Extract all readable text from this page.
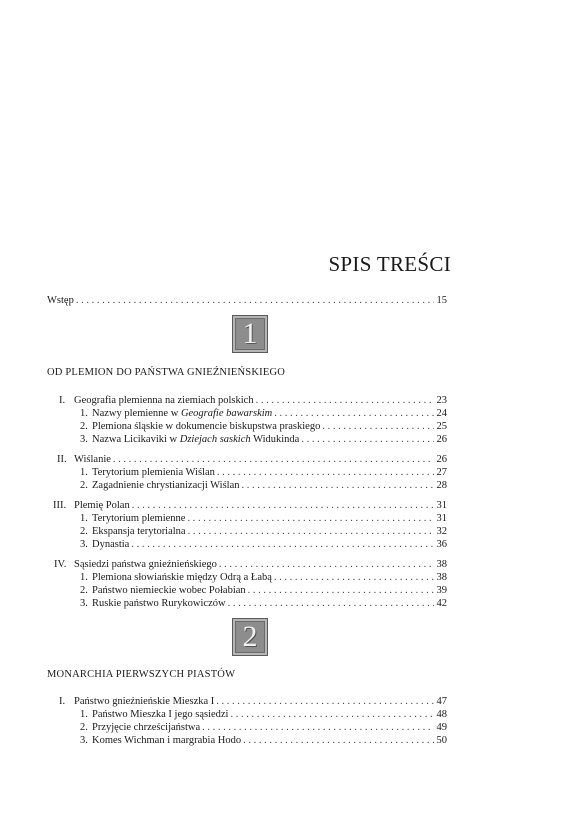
SPIS TREŚCI
Wstęp . . .	15
1
OD PLEMION DO PAŃSTWA GNIEŹNIEŃSKIEGO
I. Geografia plemienna na ziemiach polskich . . .	23
1. Nazwy plemienne w Geografie bawarskim . . .	24
2. Plemiona śląskie w dokumencie biskupstwa praskiego . . .	25
3. Nazwa Licikaviki w Dziejach saskich Widukinda . . .	26
II. Wiślanie . . .	26
1. Terytorium plemienia Wiślan . . .	27
2. Zagadnienie chrystianizacji Wiślan . . .	28
III. Plemię Polan . . .	31
1. Terytorium plemienne . . .	31
2. Ekspansja terytorialna . . .	32
3. Dynastia . . .	36
IV. Sąsiedzi państwa gnieźnieńskiego . . .	38
1. Plemiona słowiańskie między Odrą a Łabą . . .	38
2. Państwo niemieckie wobec Połabian . . .	39
3. Ruskie państwo Rurykowiczów . . .	42
2
MONARCHIA PIERWSZYCH PIASTÓW
I. Państwo gnieźnieńskie Mieszka I . . .	47
1. Państwo Mieszka I jego sąsiedzi . . .	48
2. Przyjęcie chrześcijaństwa . . .	49
3. Komes Wichman i margrabia Hodo . . .	50
